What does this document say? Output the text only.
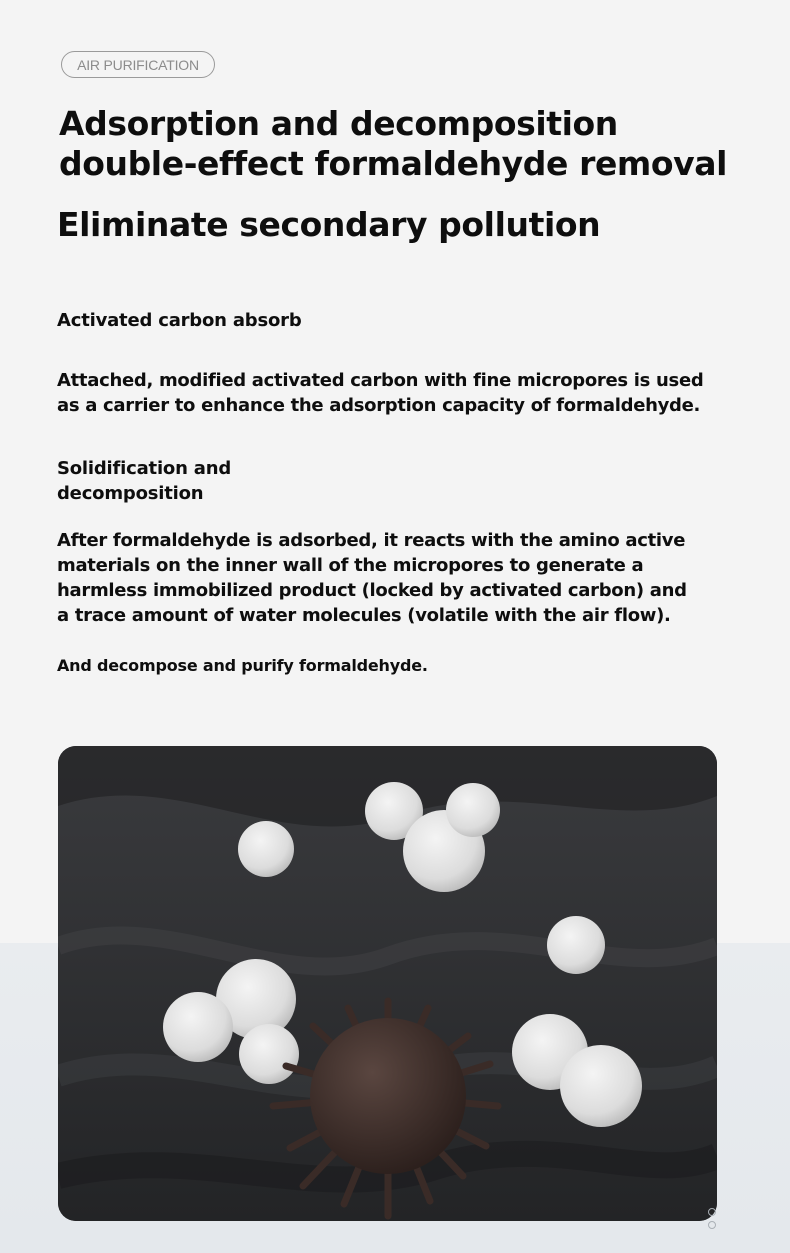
AIR PURIFICATION
Adsorption and decomposition
double-effect formaldehyde removal
Eliminate secondary pollution
Activated carbon absorb
Attached, modified activated carbon with fine micropores is used
as a carrier to enhance the adsorption capacity of formaldehyde.
Solidification and
decomposition
After formaldehyde is adsorbed, it reacts with the amino active
materials on the inner wall of the micropores to generate a
harmless immobilized product (locked by activated carbon) and
a trace amount of water molecules (volatile with the air flow).
And decompose and purify formaldehyde.
